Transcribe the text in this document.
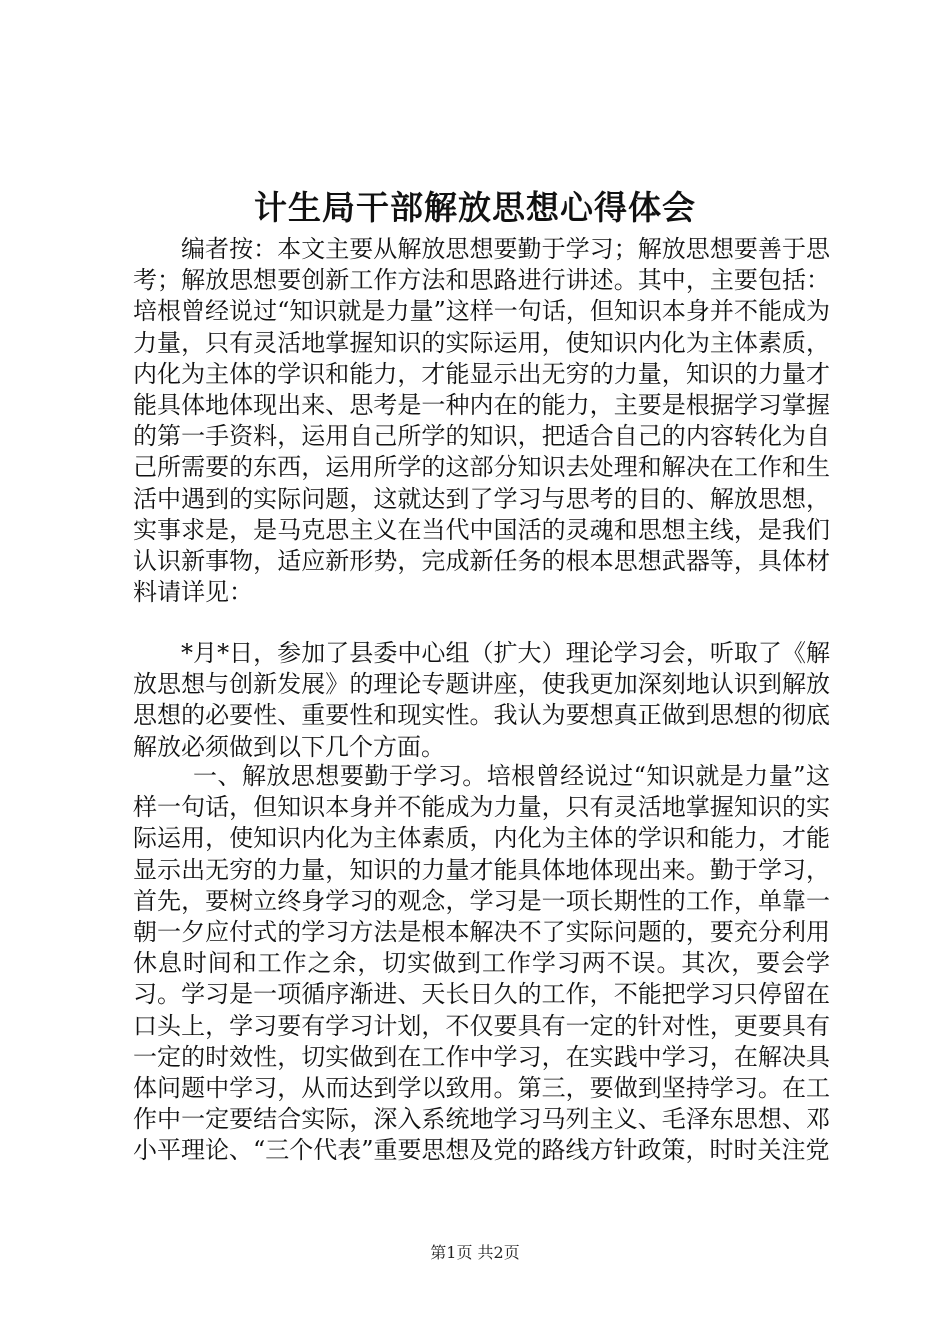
计生局干部解放思想心得体会

编者按：本文主要从解放思想要勤于学习；解放思想要善于思考；解放思想要创新工作方法和思路进行讲述。其中，主要包括：培根曾经说过“知识就是力量”这样一句话，但知识本身并不能成为力量，只有灵活地掌握知识的实际运用，使知识内化为主体素质，内化为主体的学识和能力，才能显示出无穷的力量，知识的力量才能具体地体现出来、思考是一种内在的能力，主要是根据学习掌握的第一手资料，运用自己所学的知识，把适合自己的内容转化为自己所需要的东西，运用所学的这部分知识去处理和解决在工作和生活中遇到的实际问题，这就达到了学习与思考的目的、解放思想，实事求是，是马克思主义在当代中国活的灵魂和思想主线，是我们认识新事物，适应新形势，完成新任务的根本思想武器等，具体材料请详见：

*月*日，参加了县委中心组（扩大）理论学习会，听取了《解放思想与创新发展》的理论专题讲座，使我更加深刻地认识到解放思想的必要性、重要性和现实性。我认为要想真正做到思想的彻底解放必须做到以下几个方面。

一、解放思想要勤于学习。培根曾经说过“知识就是力量”这样一句话，但知识本身并不能成为力量，只有灵活地掌握知识的实际运用，使知识内化为主体素质，内化为主体的学识和能力，才能显示出无穷的力量，知识的力量才能具体地体现出来。勤于学习，首先，要树立终身学习的观念，学习是一项长期性的工作，单靠一朝一夕应付式的学习方法是根本解决不了实际问题的，要充分利用休息时间和工作之余，切实做到工作学习两不误。其次，要会学习。学习是一项循序渐进、天长日久的工作，不能把学习只停留在口头上，学习要有学习计划，不仅要具有一定的针对性，更要具有一定的时效性，切实做到在工作中学习，在实践中学习，在解决具体问题中学习，从而达到学以致用。第三，要做到坚持学习。在工作中一定要结合实际，深入系统地学习马列主义、毛泽东思想、邓小平理论、“三个代表”重要思想及党的路线方针政策，时时关注党

第1页 共2页
